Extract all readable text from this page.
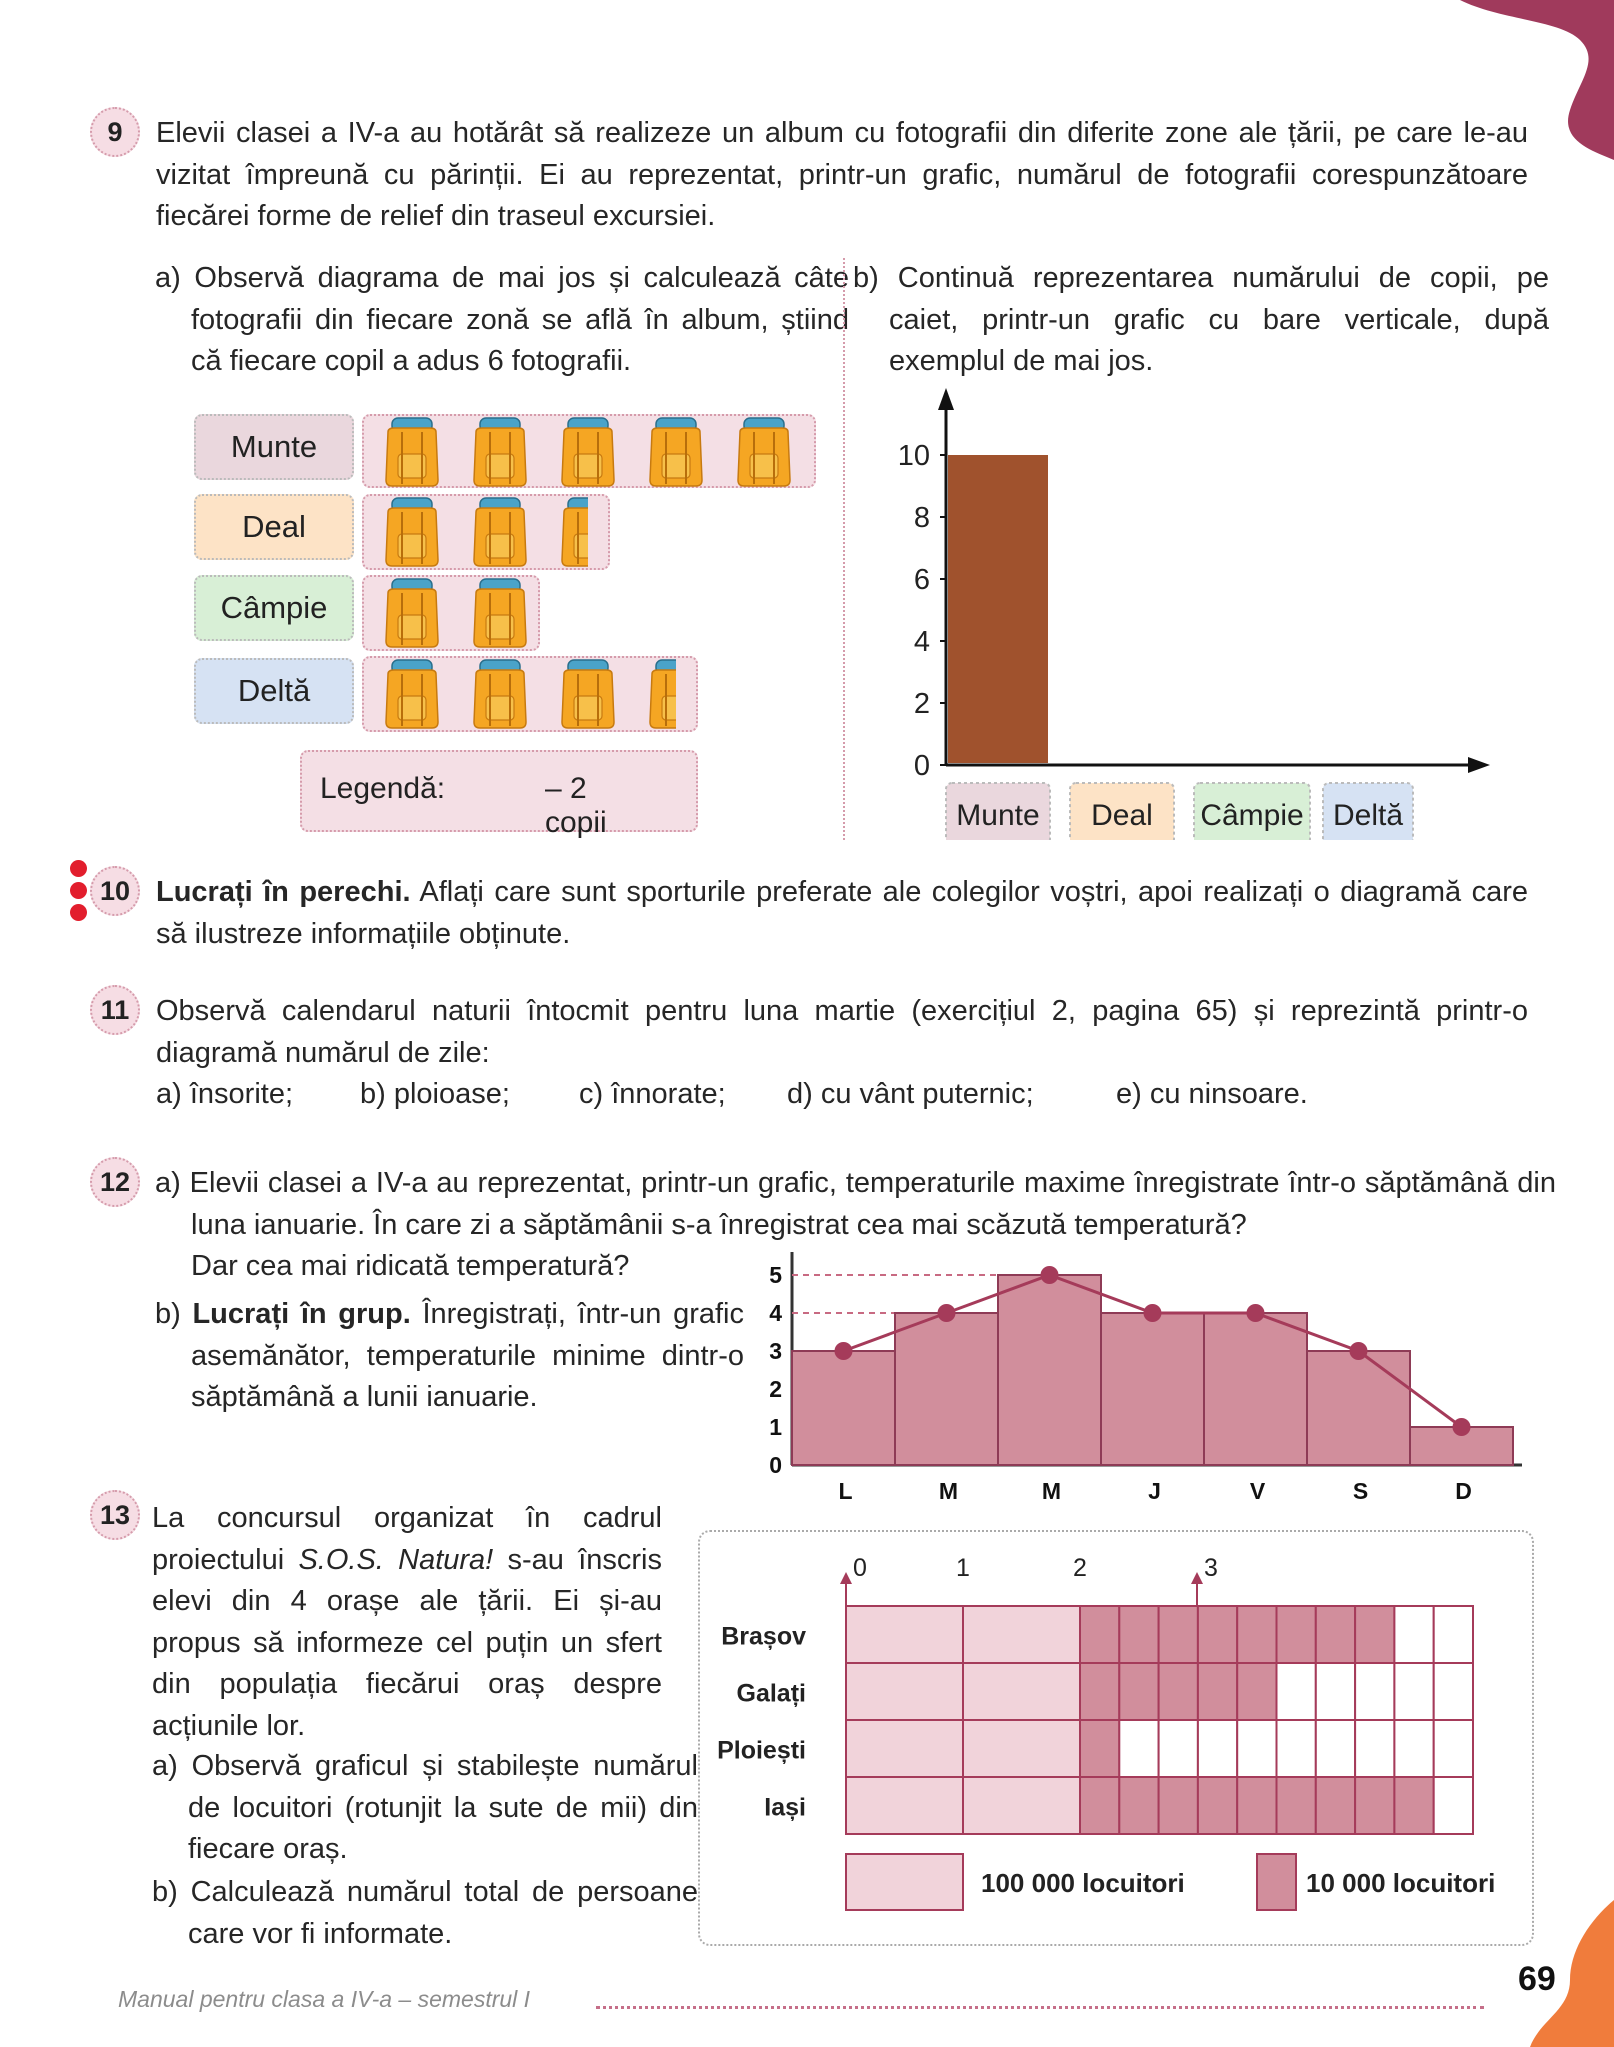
9	Elevii clasei a IV-a au hotărât să realizeze un album cu fotografii din diferite zone ale țării, pe care le-au vizitat împreună cu părinții. Ei au reprezentat, printr-un grafic, numărul de fotografii corespunzătoare fiecărei forme de relief din traseul excursiei.
a) Observă diagrama de mai jos și calculează câte fotografii din fiecare zonă se află în album, știind că fiecare copil a adus 6 fotografii.
b) Continuă reprezentarea numărului de copii, pe caiet, printr-un grafic cu bare verticale, după exemplul de mai jos.
Munte
Deal
Câmpie
Deltă
Legendă:	– 2 copii
0
2
4
6
8
10
Munte Deal Câmpie Deltă
10 Lucrați în perechi. Aflați care sunt sporturile preferate ale colegilor voștri, apoi realizați o diagramă care să ilustreze informațiile obținute.
11 Observă calendarul naturii întocmit pentru luna martie (exercițiul 2, pagina 65) și reprezintă printr-o diagramă numărul de zile:
a) însorite; b) ploioase; c) înnorate; d) cu vânt puternic;	e) cu ninsoare.
12 a) Elevii clasei a IV-a au reprezentat, printr-un grafic, temperaturile maxime înregistrate într-o săptămână din luna ianuarie. În care zi a săptămânii s-a înregistrat cea mai scăzută temperatură?
Dar cea mai ridicată temperatură?
b) Lucrați în grup. Înregistrați, într-un grafic asemănător, temperaturile minime dintr-o săptămână a lunii ianuarie.
0
1
2
3
4
5
L	M	M	J	V	S	D
13 La concursul organizat în cadrul proiectului S.O.S. Natura! s-au înscris elevi din 4 orașe ale țării. Ei și-au propus să informeze cel puțin un sfert din populația fiecărui oraș despre acțiunile lor.
a) Observă graficul și stabilește numărul de locuitori (rotunjit la sute de mii) din fiecare oraș.
b) Calculează numărul total de persoane care vor fi informate.
0	1	2	3
Brașov
Galați
Ploiești
Iași
100 000 locuitori	10 000 locuitori
Manual pentru clasa a IV-a – semestrul I
69
